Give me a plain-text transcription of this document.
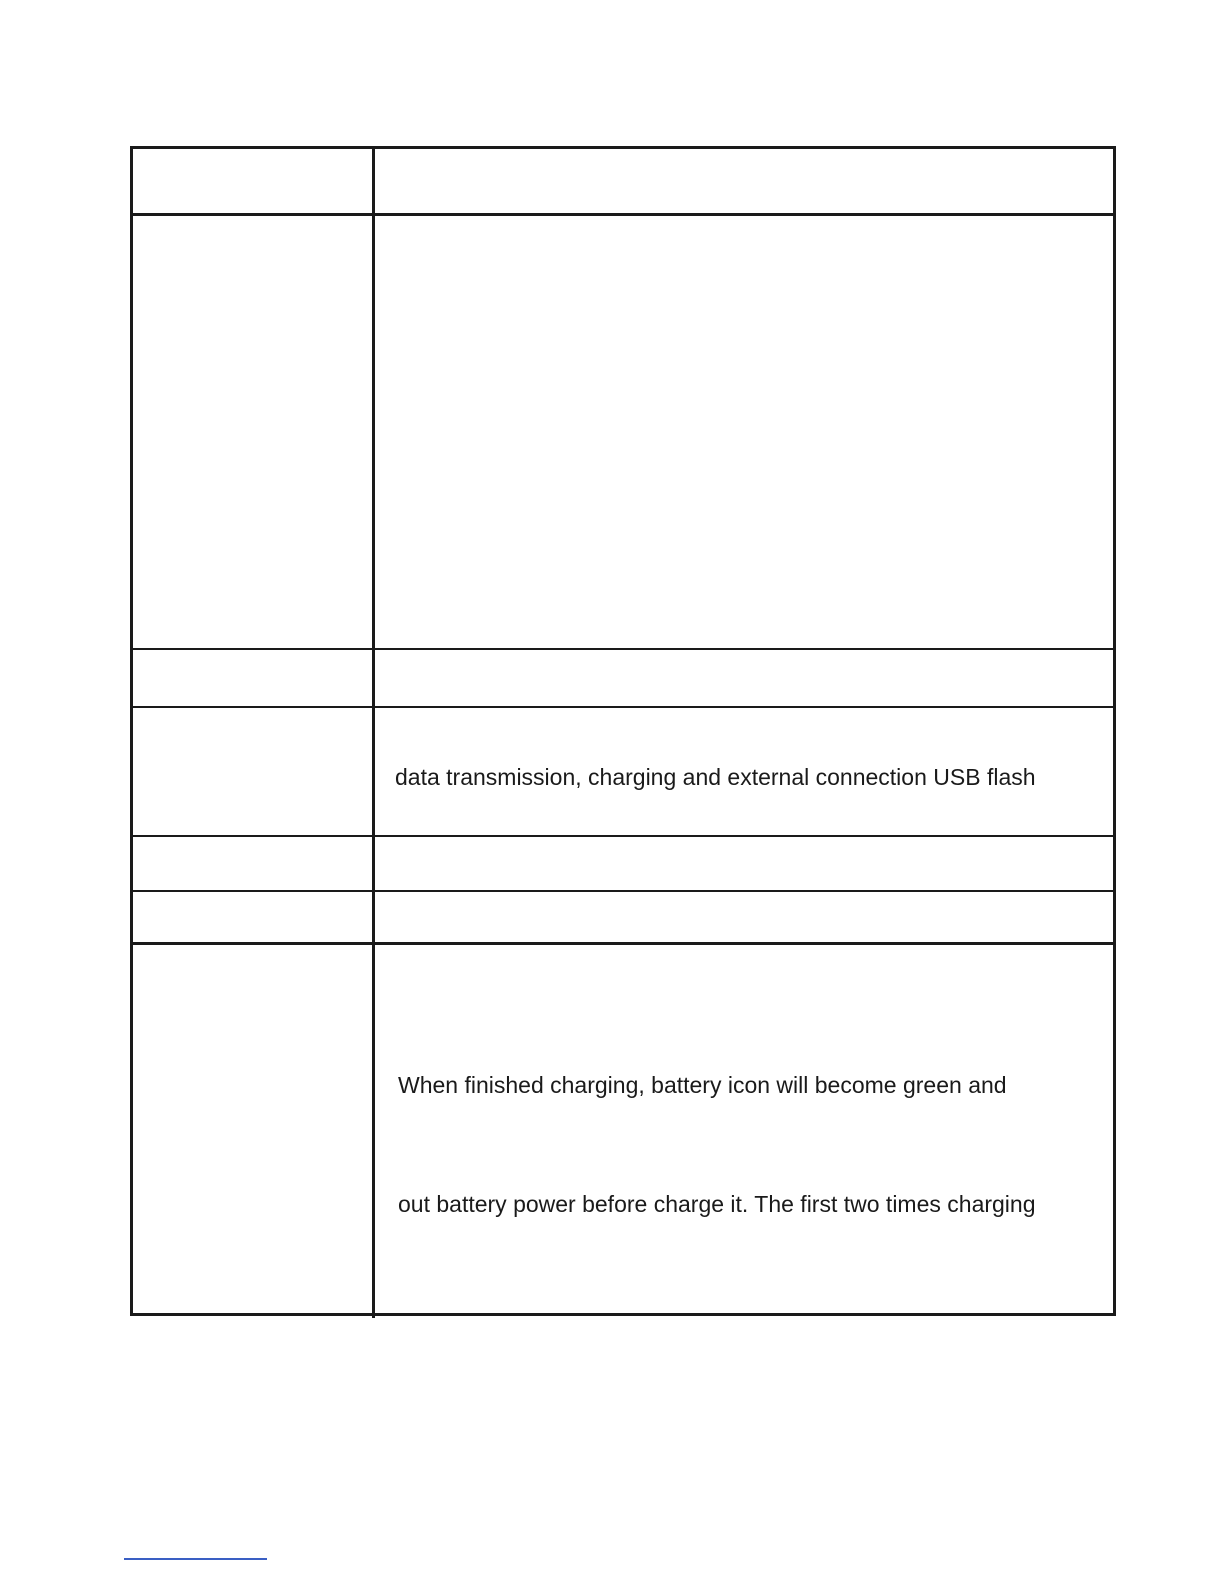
data transmission, charging and external connection USB flash
When finished charging, battery icon will become green and
out battery power before charge it. The first two times charging
